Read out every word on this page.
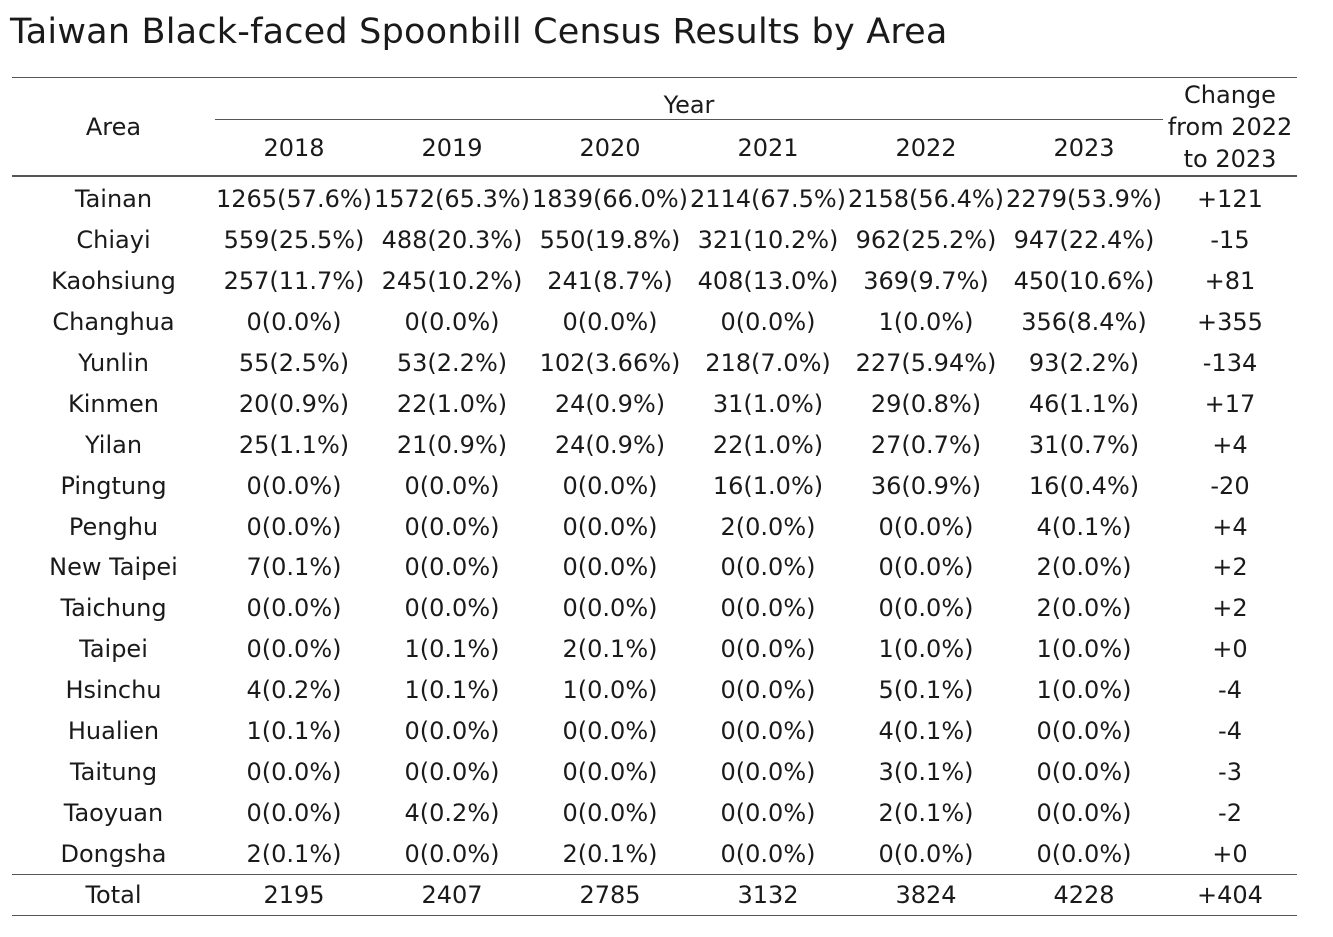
Taiwan Black-faced Spoonbill Census Results by Area
Area	Year						Change
from 2022
to 2023

	2018	2019	2020	2021	2022	2023	
Tainan	1265(57.6%)	1572(65.3%)	1839(66.0%)	2114(67.5%)	2158(56.4%)	2279(53.9%)	+121
Chiayi	559(25.5%)	488(20.3%)	550(19.8%)	321(10.2%)	962(25.2%)	947(22.4%)	-15
Kaohsiung	257(11.7%)	245(10.2%)	241(8.7%)	408(13.0%)	369(9.7%)	450(10.6%)	+81
Changhua	0(0.0%)	0(0.0%)	0(0.0%)	0(0.0%)	1(0.0%)	356(8.4%)	+355
Yunlin	55(2.5%)	53(2.2%)	102(3.66%)	218(7.0%)	227(5.94%)	93(2.2%)	-134
Kinmen	20(0.9%)	22(1.0%)	24(0.9%)	31(1.0%)	29(0.8%)	46(1.1%)	+17
Yilan	25(1.1%)	21(0.9%)	24(0.9%)	22(1.0%)	27(0.7%)	31(0.7%)	+4
Pingtung	0(0.0%)	0(0.0%)	0(0.0%)	16(1.0%)	36(0.9%)	16(0.4%)	-20
Penghu	0(0.0%)	0(0.0%)	0(0.0%)	2(0.0%)	0(0.0%)	4(0.1%)	+4
New Taipei	7(0.1%)	0(0.0%)	0(0.0%)	0(0.0%)	0(0.0%)	2(0.0%)	+2
Taichung	0(0.0%)	0(0.0%)	0(0.0%)	0(0.0%)	0(0.0%)	2(0.0%)	+2
Taipei	0(0.0%)	1(0.1%)	2(0.1%)	0(0.0%)	1(0.0%)	1(0.0%)	+0
Hsinchu	4(0.2%)	1(0.1%)	1(0.0%)	0(0.0%)	5(0.1%)	1(0.0%)	-4
Hualien	1(0.1%)	0(0.0%)	0(0.0%)	0(0.0%)	4(0.1%)	0(0.0%)	-4
Taitung	0(0.0%)	0(0.0%)	0(0.0%)	0(0.0%)	3(0.1%)	0(0.0%)	-3
Taoyuan	0(0.0%)	4(0.2%)	0(0.0%)	0(0.0%)	2(0.1%)	0(0.0%)	-2
Dongsha	2(0.1%)	0(0.0%)	2(0.1%)	0(0.0%)	0(0.0%)	0(0.0%)	+0
Total	2195	2407	2785	3132	3824	4228	+404
